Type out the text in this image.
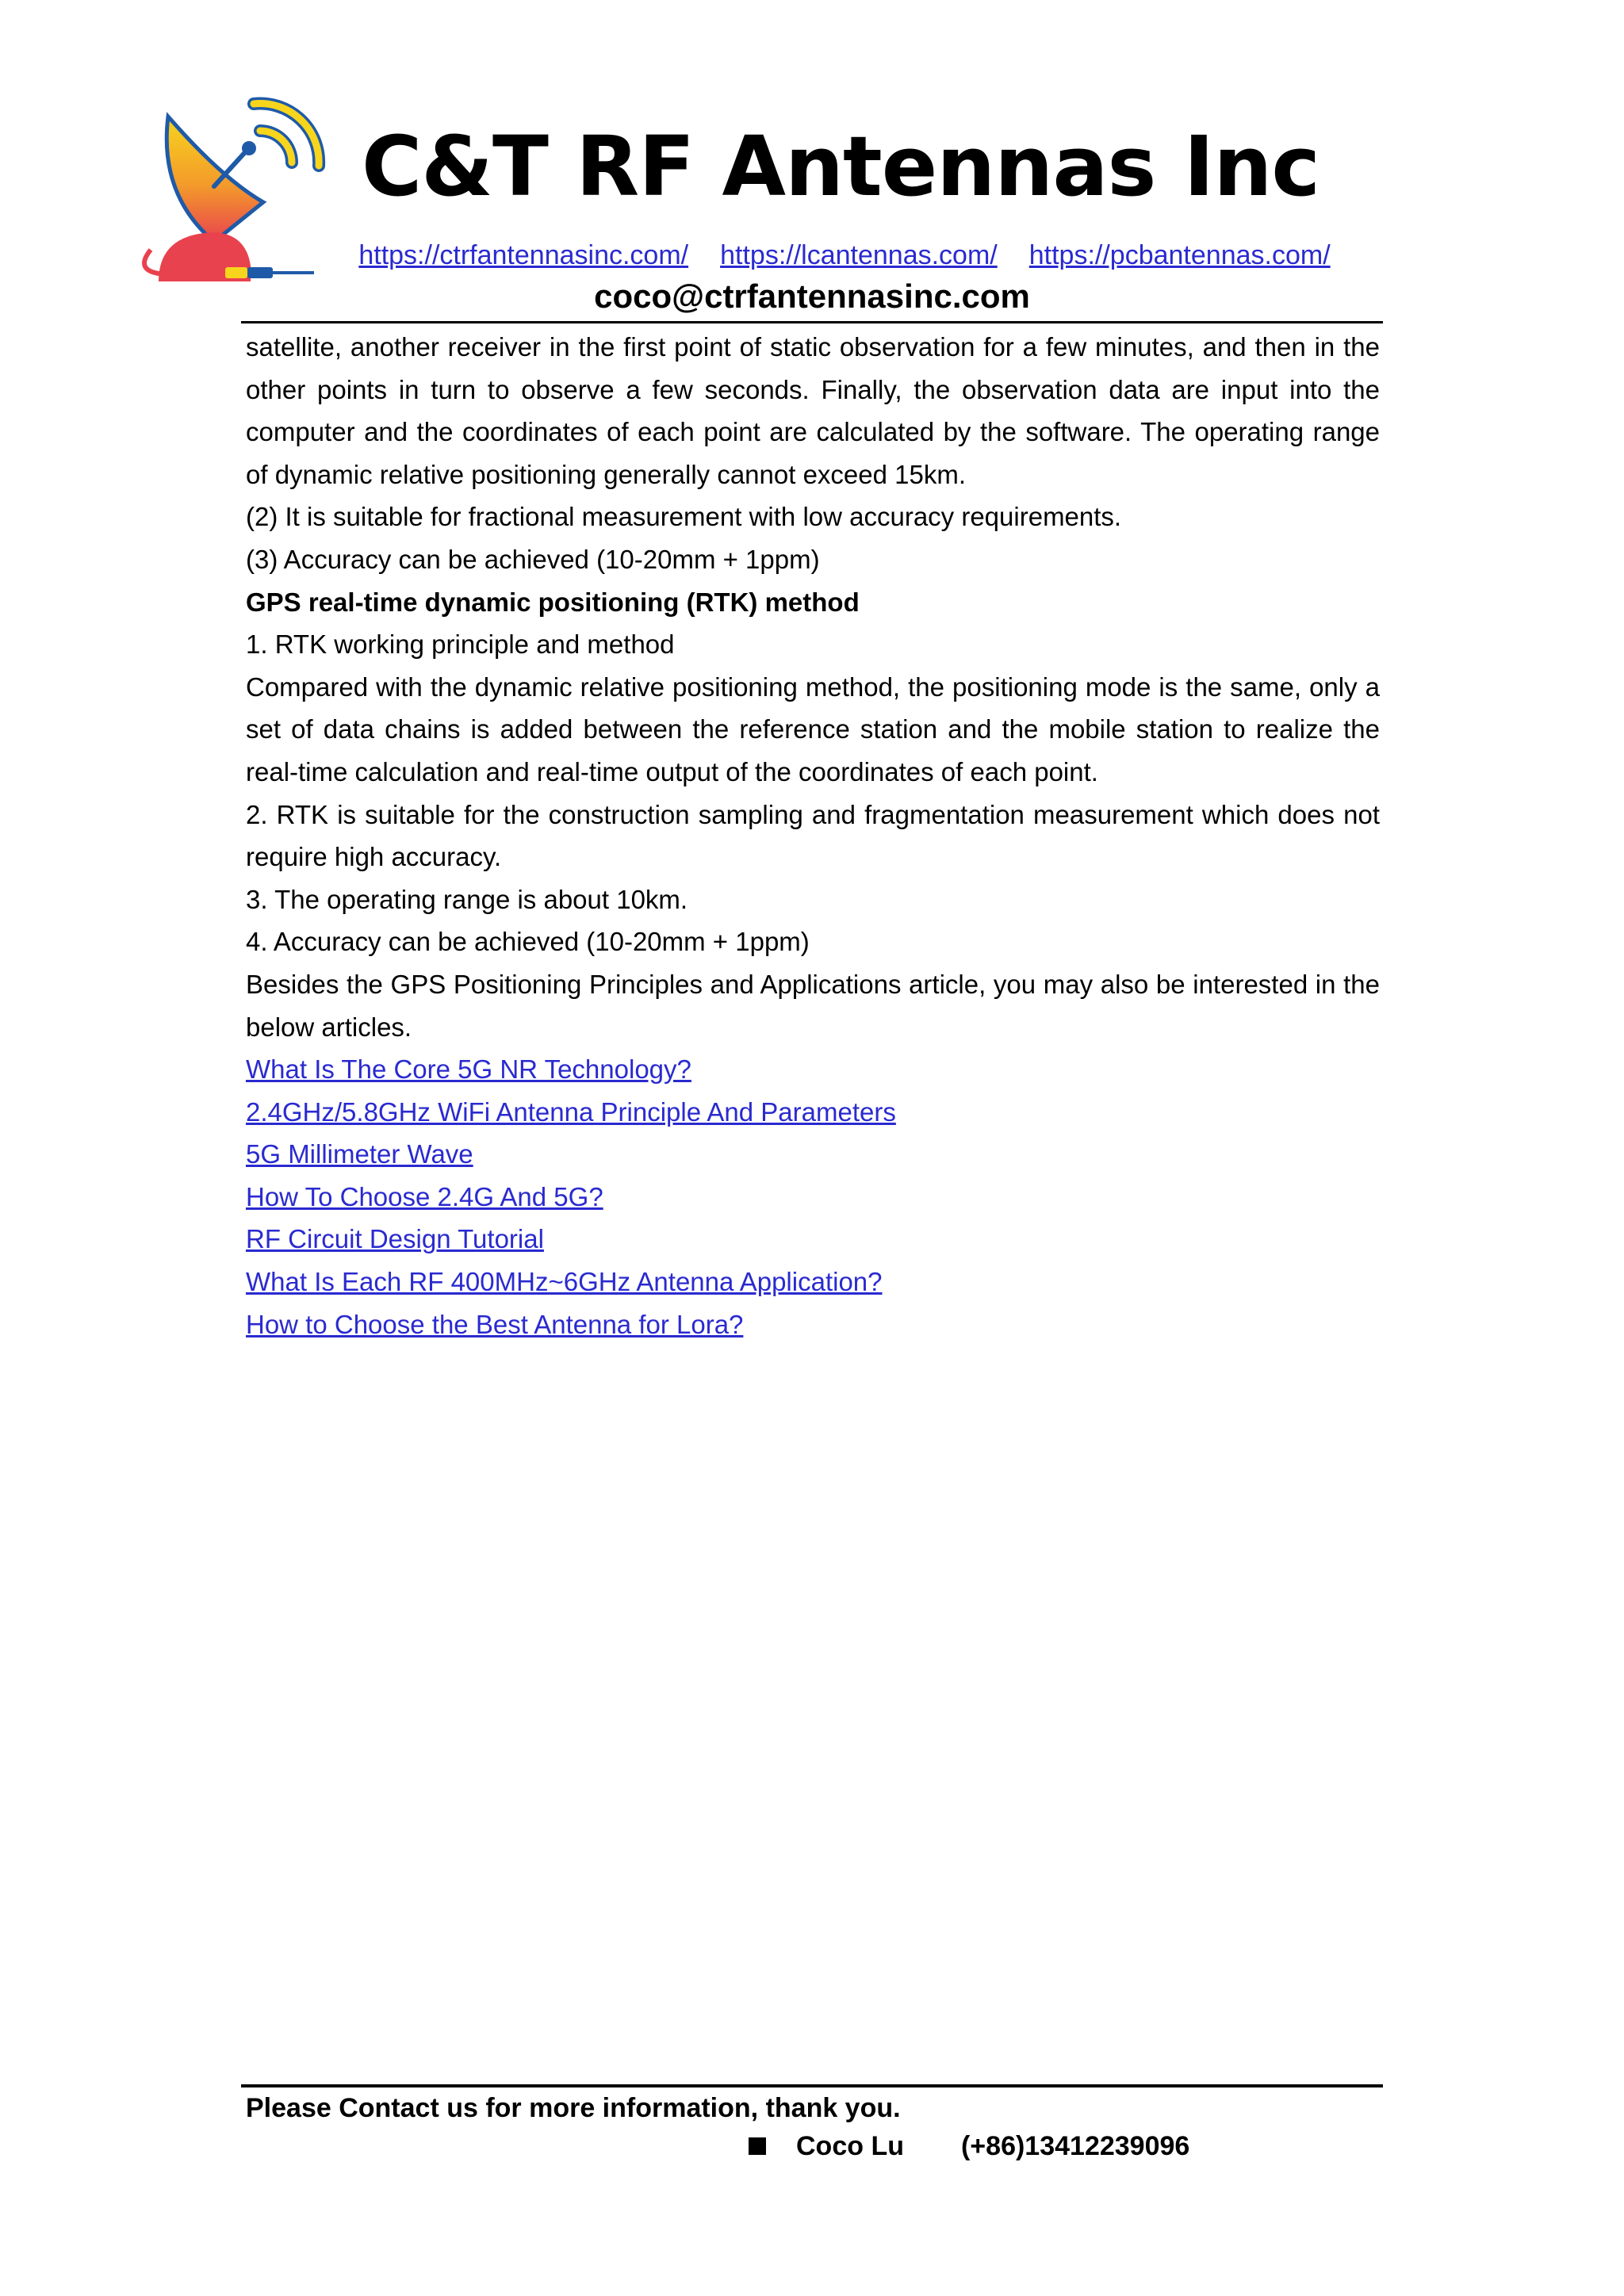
C&T RF Antennas Inc
https://ctrfantennasinc.com/ https://lcantennas.com/ https://pcbantennas.com/
coco@ctrfantennasinc.com

satellite, another receiver in the first point of static observation for a few minutes, and then in the other points in turn to observe a few seconds. Finally, the observation data are input into the computer and the coordinates of each point are calculated by the software. The operating range of dynamic relative positioning generally cannot exceed 15km.

(2) It is suitable for fractional measurement with low accuracy requirements.

(3) Accuracy can be achieved (10-20mm + 1ppm)

GPS real-time dynamic positioning (RTK) method

1. RTK working principle and method

Compared with the dynamic relative positioning method, the positioning mode is the same, only a set of data chains is added between the reference station and the mobile station to realize the real-time calculation and real-time output of the coordinates of each point.

2. RTK is suitable for the construction sampling and fragmentation measurement which does not require high accuracy.

3. The operating range is about 10km.

4. Accuracy can be achieved (10-20mm + 1ppm)

Besides the GPS Positioning Principles and Applications article, you may also be interested in the below articles.

What Is The Core 5G NR Technology?
2.4GHz/5.8GHz WiFi Antenna Principle And Parameters
5G Millimeter Wave
How To Choose 2.4G And 5G?
RF Circuit Design Tutorial
What Is Each RF 400MHz~6GHz Antenna Application?
How to Choose the Best Antenna for Lora?
Please Contact us for more information, thank you.
Coco Lu (+86)13412239096
